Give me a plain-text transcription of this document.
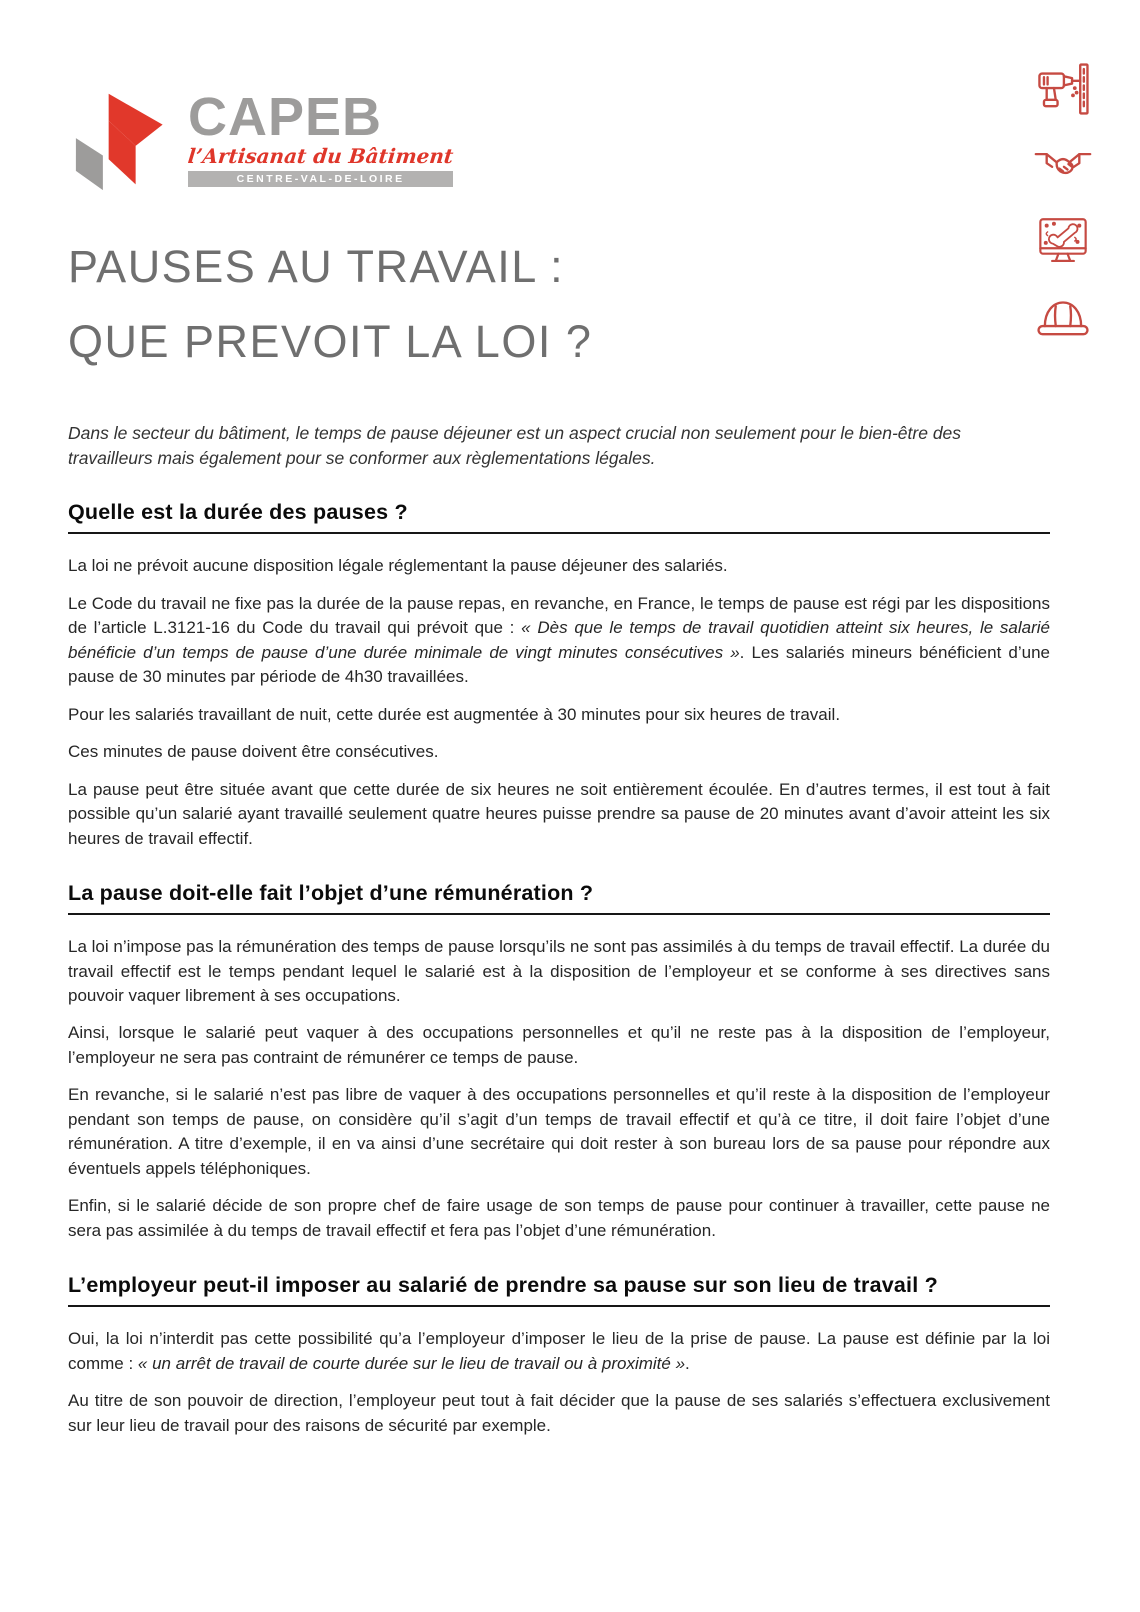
CAPEB
l’Artisanat du Bâtiment
CENTRE-VAL-DE-LOIRE
PAUSES AU TRAVAIL :
QUE PREVOIT LA LOI ?

Dans le secteur du bâtiment, le temps de pause déjeuner est un aspect crucial non seulement pour le bien-être des travailleurs mais également pour se conformer aux règlementations légales.

Quelle est la durée des pauses ?

La loi ne prévoit aucune disposition légale réglementant la pause déjeuner des salariés.

Le Code du travail ne fixe pas la durée de la pause repas, en revanche, en France, le temps de pause est régi par les dispositions de l’article L.3121-16 du Code du travail qui prévoit que : « Dès que le temps de travail quotidien atteint six heures, le salarié bénéficie d’un temps de pause d’une durée minimale de vingt minutes consécutives ». Les salariés mineurs bénéficient d’une pause de 30 minutes par période de 4h30 travaillées.

Pour les salariés travaillant de nuit, cette durée est augmentée à 30 minutes pour six heures de travail.

Ces minutes de pause doivent être consécutives.

La pause peut être située avant que cette durée de six heures ne soit entièrement écoulée. En d’autres termes, il est tout à fait possible qu’un salarié ayant travaillé seulement quatre heures puisse prendre sa pause de 20 minutes avant d’avoir atteint les six heures de travail effectif.

La pause doit-elle fait l’objet d’une rémunération ?

La loi n’impose pas la rémunération des temps de pause lorsqu’ils ne sont pas assimilés à du temps de travail effectif. La durée du travail effectif est le temps pendant lequel le salarié est à la disposition de l’employeur et se conforme à ses directives sans pouvoir vaquer librement à ses occupations.

Ainsi, lorsque le salarié peut vaquer à des occupations personnelles et qu’il ne reste pas à la disposition de l’employeur, l’employeur ne sera pas contraint de rémunérer ce temps de pause.

En revanche, si le salarié n’est pas libre de vaquer à des occupations personnelles et qu’il reste à la disposition de l’employeur pendant son temps de pause, on considère qu’il s’agit d’un temps de travail effectif et qu’à ce titre, il doit faire l’objet d’une rémunération. A titre d’exemple, il en va ainsi d’une secrétaire qui doit rester à son bureau lors de sa pause pour répondre aux éventuels appels téléphoniques.

Enfin, si le salarié décide de son propre chef de faire usage de son temps de pause pour continuer à travailler, cette pause ne sera pas assimilée à du temps de travail effectif et fera pas l’objet d’une rémunération.

L’employeur peut-il imposer au salarié de prendre sa pause sur son lieu de travail ?

Oui, la loi n’interdit pas cette possibilité qu’a l’employeur d’imposer le lieu de la prise de pause. La pause est définie par la loi comme : « un arrêt de travail de courte durée sur le lieu de travail ou à proximité ».

Au titre de son pouvoir de direction, l’employeur peut tout à fait décider que la pause de ses salariés s’effectuera exclusivement sur leur lieu de travail pour des raisons de sécurité par exemple.
